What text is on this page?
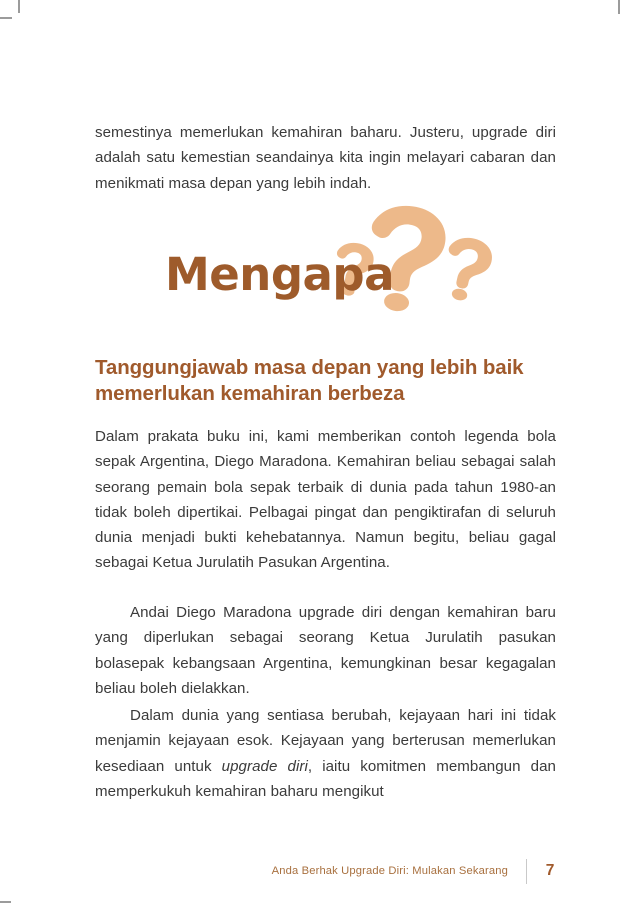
semestinya memerlukan kemahiran baharu. Justeru, upgrade diri adalah satu kemestian seandainya kita ingin melayari cabaran dan menikmati masa depan yang lebih indah.

Mengapa
Tanggungjawab masa depan yang lebih baik memerlukan kemahiran berbeza

Dalam prakata buku ini, kami memberikan contoh legenda bola sepak Argentina, Diego Maradona. Kemahiran beliau sebagai salah seorang pemain bola sepak terbaik di dunia pada tahun 1980-an tidak boleh dipertikai. Pelbagai pingat dan pengiktirafan di seluruh dunia menjadi bukti kehebatannya. Namun begitu, beliau gagal sebagai Ketua Jurulatih Pasukan Argentina.

Andai Diego Maradona upgrade diri dengan kemahiran baru yang diperlukan sebagai seorang Ketua Jurulatih pasukan bolasepak kebangsaan Argentina, kemungkinan besar kegagalan beliau boleh dielakkan.

Dalam dunia yang sentiasa berubah, kejayaan hari ini tidak menjamin kejayaan esok. Kejayaan yang berterusan memerlukan kesediaan untuk upgrade diri, iaitu komitmen membangun dan memperkukuh kemahiran baharu mengikut

Anda Berhak Upgrade Diri: Mulakan Sekarang 7
